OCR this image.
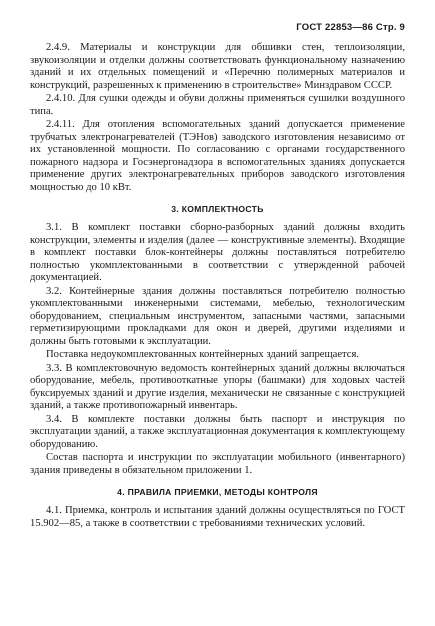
ГОСТ 22853—86 Стр. 9

2.4.9. Материалы и конструкции для обшивки стен, теплоизоляции, звукоизоляции и отделки должны соответствовать функциональному назначению зданий и их отдельных помещений и «Перечню полимерных материалов и конструкций, разрешенных к применению в строительстве» Минздравом СССР.

2.4.10. Для сушки одежды и обуви должны применяться сушилки воздушного типа.

2.4.11. Для отопления вспомогательных зданий допускается применение трубчатых электронагревателей (ТЭНов) заводского изготовления независимо от их установленной мощности. По согласованию с органами государственного пожарного надзора и Госэнергонадзора в вспомогательных зданиях допускается применение других электронагревательных приборов заводского изготовления мощностью до 10 кВт.

3. КОМПЛЕКТНОСТЬ

3.1. В комплект поставки сборно-разборных зданий должны входить конструкции, элементы и изделия (далее — конструктивные элементы). Входящие в комплект поставки блок-контейнеры должны поставляться потребителю полностью укомплектованными в соответствии с утвержденной рабочей документацией.

3.2. Контейнерные здания должны поставляться потребителю полностью укомплектованными инженерными системами, мебелью, технологическим оборудованием, специальным инструментом, запасными частями, запасными герметизирующими прокладками для окон и дверей, другими изделиями и должны быть готовыми к эксплуатации.

Поставка недоукомплектованных контейнерных зданий запрещается.

3.3. В комплектовочную ведомость контейнерных зданий должны включаться оборудование, мебель, противооткатные упоры (башмаки) для ходовых частей буксируемых зданий и другие изделия, механически не связанные с конструкцией зданий, а также противопожарный инвентарь.

3.4. В комплекте поставки должны быть паспорт и инструкция по эксплуатации зданий, а также эксплуатационная документация к комплектующему оборудованию.

Состав паспорта и инструкции по эксплуатации мобильного (инвентарного) здания приведены в обязательном приложении 1.

4. ПРАВИЛА ПРИЕМКИ, МЕТОДЫ КОНТРОЛЯ

4.1. Приемка, контроль и испытания зданий должны осуществляться по ГОСТ 15.902—85, а также в соответствии с требованиями технических условий.
